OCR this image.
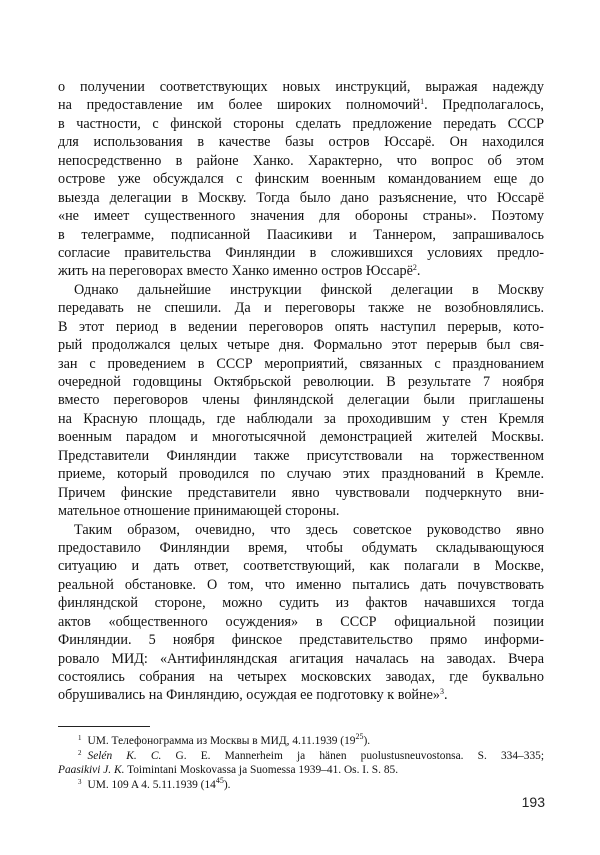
о получении соответствующих новых инструкций, выражая надежду
на предоставление им более широких полномочий$^1$. Предполагалось,
в частности, с финской стороны сделать предложение передать СССР
для использования в качестве базы остров Юссарё. Он находился
непосредственно в районе Ханко. Характерно, что вопрос об этом
острове уже обсуждался с финским военным командованием еще до
выезда делегации в Москву. Тогда было дано разъяснение, что Юссарё
«не имеет существенного значения для обороны страны». Поэтому
в телеграмме, подписанной Паасикиви и Таннером, запрашивалось
согласие правительства Финляндии в сложившихся условиях предло-
жить на переговорах вместо Ханко именно остров Юссарё$^2$.
Однако дальнейшие инструкции финской делегации в Москву
передавать не спешили. Да и переговоры также не возобновлялись.
В этот период в ведении переговоров опять наступил перерыв, кото-
рый продолжался целых четыре дня. Формально этот перерыв был свя-
зан с проведением в СССР мероприятий, связанных с празднованием
очередной годовщины Октябрьской революции. В результате 7 ноября
вместо переговоров члены финляндской делегации были приглашены
на Красную площадь, где наблюдали за проходившим у стен Кремля
военным парадом и многотысячной демонстрацией жителей Москвы.
Представители Финляндии также присутствовали на торжественном
приеме, который проводился по случаю этих празднований в Кремле.
Причем финские представители явно чувствовали подчеркнуто вни-
мательное отношение принимающей стороны.
Таким образом, очевидно, что здесь советское руководство явно
предоставило Финляндии время, чтобы обдумать складывающуюся
ситуацию и дать ответ, соответствующий, как полагали в Москве,
реальной обстановке. О том, что именно пытались дать почувствовать
финляндской стороне, можно судить из фактов начавшихся тогда
актов «общественного осуждения» в СССР официальной позиции
Финляндии. 5 ноября финское представительство прямо информи-
ровало МИД: «Антифинляндская агитация началась на заводах. Вчера
состоялись собрания на четырех московских заводах, где буквально
обрушивались на Финляндию, осуждая ее подготовку к войне»$^3$.
$^1$ UM. Телефонограмма из Москвы в МИД, 4.11.1939 $(19^{25})$.
$^2$ Selén K. C. G. E. Mannerheim ja hänen puolustusneuvostonsa. S. 334–335;
Paasikivi J. K. Toimintani Moskovassa ja Suomessa 1939–41. Os. I. S. 85.
$^3$ UM. 109 A 4. 5.11.1939 $(14^{45})$.
193
